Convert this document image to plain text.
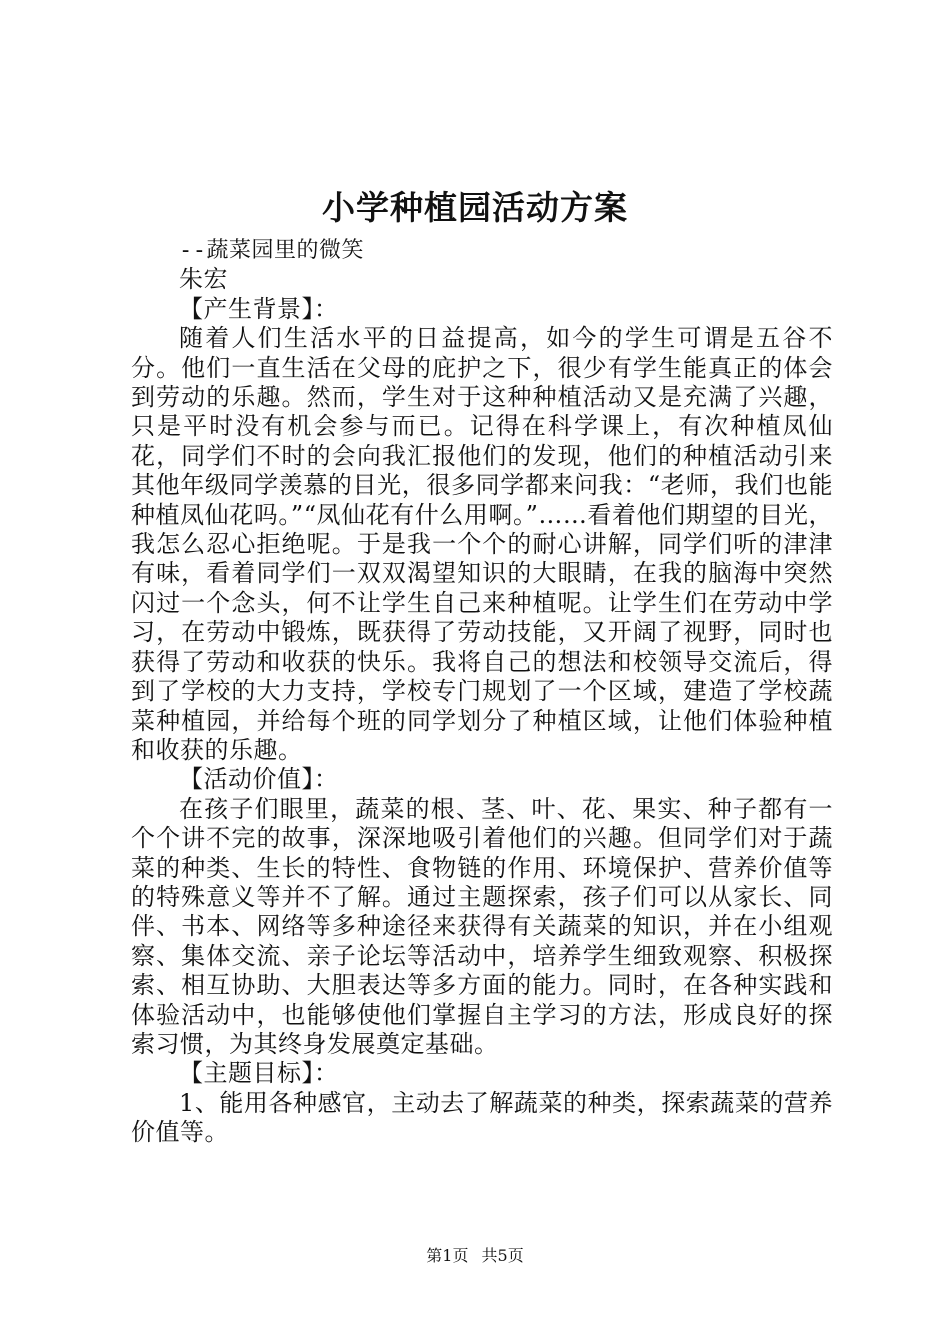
小学种植园活动方案

--蔬菜园里的微笑

朱宏

【产生背景】：

随着人们生活水平的日益提高，如今的学生可谓是五谷不分。他们一直生活在父母的庇护之下，很少有学生能真正的体会到劳动的乐趣。然而，学生对于这种种植活动又是充满了兴趣，只是平时没有机会参与而已。记得在科学课上，有次种植凤仙花，同学们不时的会向我汇报他们的发现，他们的种植活动引来其他年级同学羡慕的目光，很多同学都来问我：“老师，我们也能种植凤仙花吗。”“凤仙花有什么用啊。”……看着他们期望的目光，我怎么忍心拒绝呢。于是我一个个的耐心讲解，同学们听的津津有味，看着同学们一双双渴望知识的大眼睛，在我的脑海中突然闪过一个念头，何不让学生自己来种植呢。让学生们在劳动中学习，在劳动中锻炼，既获得了劳动技能，又开阔了视野，同时也获得了劳动和收获的快乐。我将自己的想法和校领导交流后，得到了学校的大力支持，学校专门规划了一个区域，建造了学校蔬菜种植园，并给每个班的同学划分了种植区域，让他们体验种植和收获的乐趣。

【活动价值】：

在孩子们眼里，蔬菜的根、茎、叶、花、果实、种子都有一个个讲不完的故事，深深地吸引着他们的兴趣。但同学们对于蔬菜的种类、生长的特性、食物链的作用、环境保护、营养价值等的特殊意义等并不了解。通过主题探索，孩子们可以从家长、同伴、书本、网络等多种途径来获得有关蔬菜的知识，并在小组观察、集体交流、亲子论坛等活动中，培养学生细致观察、积极探索、相互协助、大胆表达等多方面的能力。同时，在各种实践和体验活动中，也能够使他们掌握自主学习的方法，形成良好的探索习惯，为其终身发展奠定基础。

【主题目标】：

1、能用各种感官，主动去了解蔬菜的种类，探索蔬菜的营养价值等。

第1页 共5页
